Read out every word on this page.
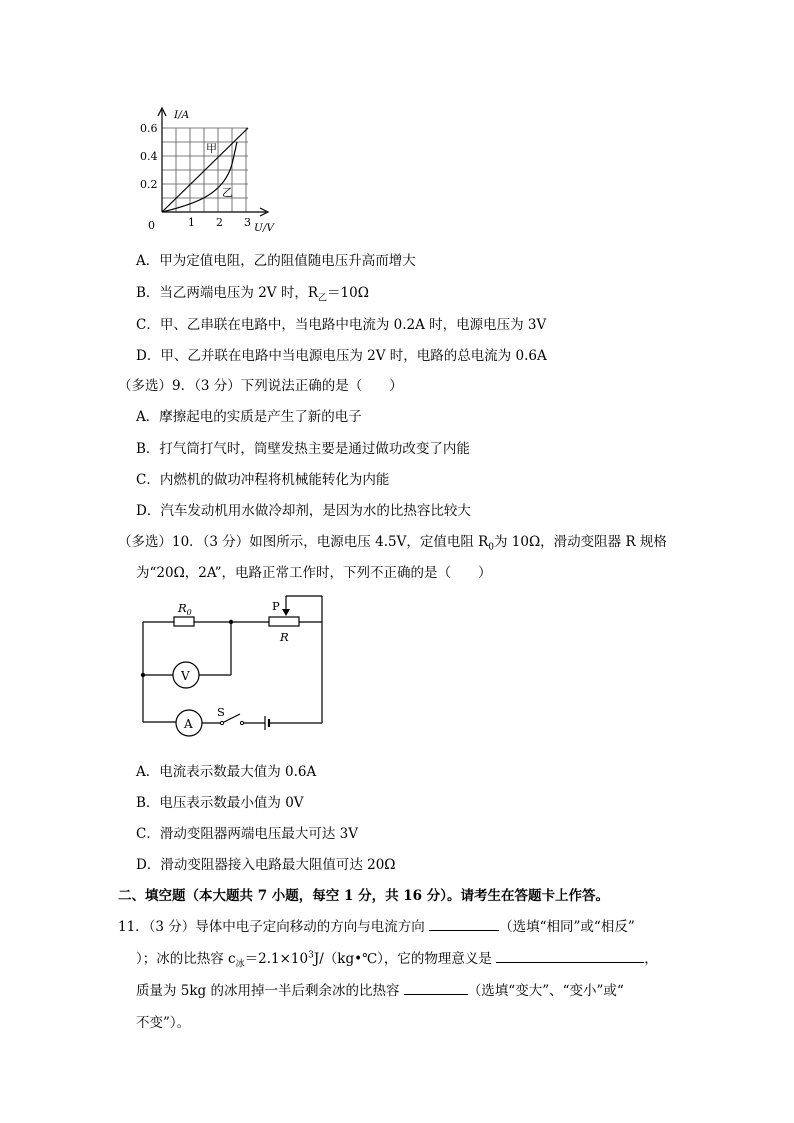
I/A
U/V
0
0.6
0.4
0.2
1 2 3
甲
乙
A．甲为定值电阻，乙的阻值随电压升高而增大
B．当乙两端电压为 2V 时，$R_乙=10\Omega$
C．甲、乙串联在电路中，当电路中电流为 0.2A 时，电源电压为 3V
D．甲、乙并联在电路中当电源电压为 2V 时，电路的总电流为 0.6A
（多选）9．（3 分）下列说法正确的是（　　）
A．摩擦起电的实质是产生了新的电子
B．打气筒打气时，筒壁发热主要是通过做功改变了内能
C．内燃机的做功冲程将机械能转化为内能
D．汽车发动机用水做冷却剂，是因为水的比热容比较大
（多选）10．（3 分）如图所示，电源电压 4.5V，定值电阻 $R_0$为 10Ω，滑动变阻器 R 规格
为“20Ω，2A”，电路正常工作时，下列不正确的是（　　）
$R_0$	P
R
V
A
S
A．电流表示数最大值为 0.6A
B．电压表示数最小值为 0V
C．滑动变阻器两端电压最大可达 3V
D．滑动变阻器接入电路最大阻值可达 20Ω
二、填空题（本大题共 7 小题，每空 1 分，共 16 分）。请考生在答题卡上作答。
11．（3 分）导体中电子定向移动的方向与电流方向	（选填“相同”或“相反”
）；冰的比热容 $c_冰=2.1\times 10^3J/(kg•℃)$，它的物理意义是	，
质量为 5kg 的冰用掉一半后剩余冰的比热容	（选填“变大”、“变小”或“
不变”）。
